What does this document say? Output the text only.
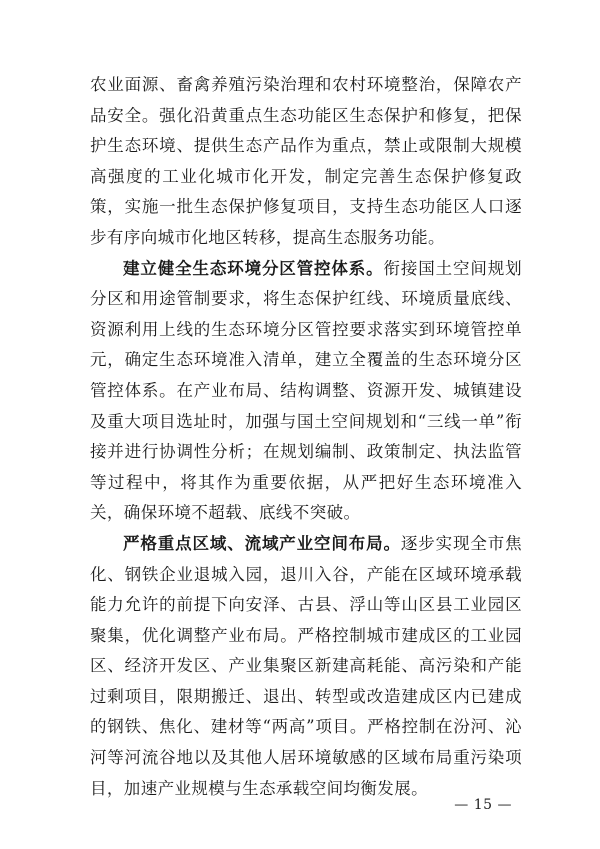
农业面源、畜禽养殖污染治理和农村环境整治，保障农产品安全。强化沿黄重点生态功能区生态保护和修复，把保护生态环境、提供生态产品作为重点，禁止或限制大规模高强度的工业化城市化开发，制定完善生态保护修复政策，实施一批生态保护修复项目，支持生态功能区人口逐步有序向城市化地区转移，提高生态服务功能。

建立健全生态环境分区管控体系。衔接国土空间规划分区和用途管制要求，将生态保护红线、环境质量底线、资源利用上线的生态环境分区管控要求落实到环境管控单元，确定生态环境准入清单，建立全覆盖的生态环境分区管控体系。在产业布局、结构调整、资源开发、城镇建设及重大项目选址时，加强与国土空间规划和“三线一单”衔接并进行协调性分析；在规划编制、政策制定、执法监管等过程中，将其作为重要依据，从严把好生态环境准入关，确保环境不超载、底线不突破。

严格重点区域、流域产业空间布局。逐步实现全市焦化、钢铁企业退城入园，退川入谷，产能在区域环境承载能力允许的前提下向安泽、古县、浮山等山区县工业园区聚集，优化调整产业布局。严格控制城市建成区的工业园区、经济开发区、产业集聚区新建高耗能、高污染和产能过剩项目，限期搬迁、退出、转型或改造建成区内已建成的钢铁、焦化、建材等“两高”项目。严格控制在汾河、沁河等河流谷地以及其他人居环境敏感的区域布局重污染项目，加速产业规模与生态承载空间均衡发展。

— 15 —
